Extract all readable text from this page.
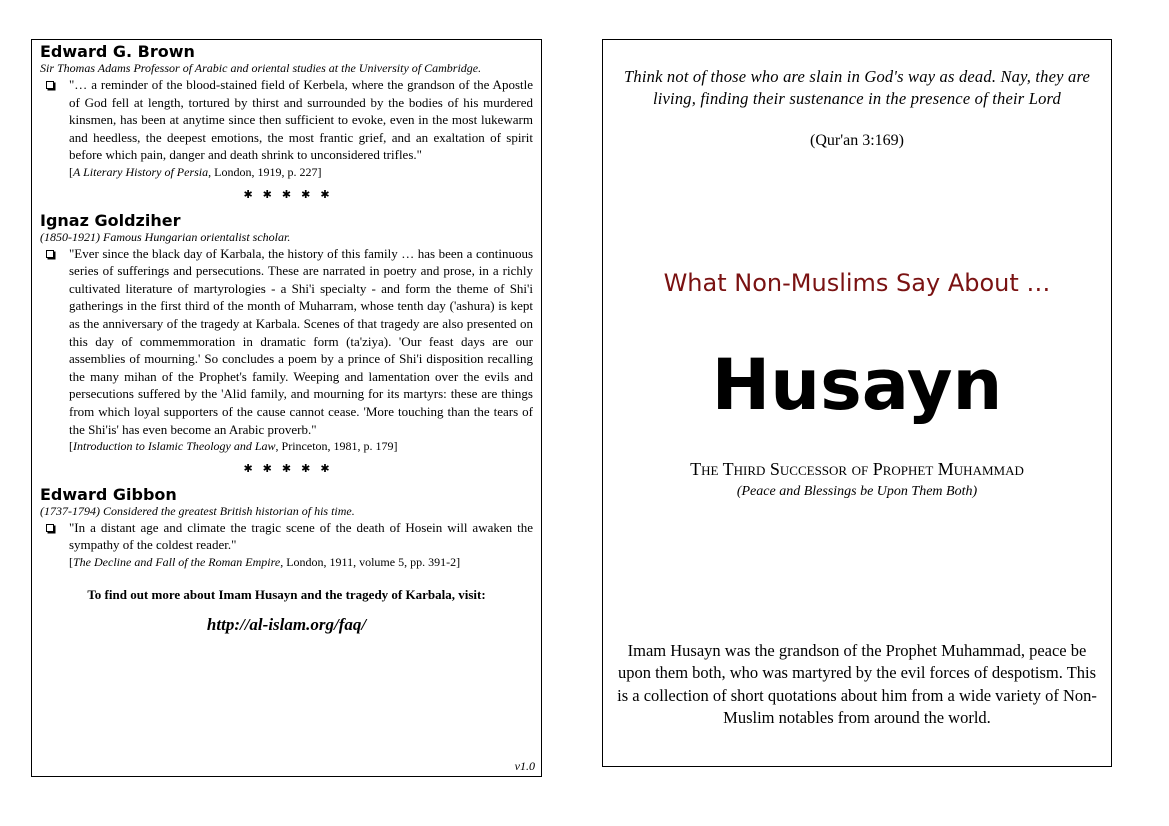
Edward G. Brown

Sir Thomas Adams Professor of Arabic and oriental studies at the University of Cambridge.

"… a reminder of the blood-stained field of Kerbela, where the grandson of the Apostle of God fell at length, tortured by thirst and surrounded by the bodies of his murdered kinsmen, has been at anytime since then sufficient to evoke, even in the most lukewarm and heedless, the deepest emotions, the most frantic grief, and an exaltation of spirit before which pain, danger and death shrink to unconsidered trifles."

[A Literary History of Persia, London, 1919, p. 227]

✱✱✱✱✱

Ignaz Goldziher

(1850-1921) Famous Hungarian orientalist scholar.

"Ever since the black day of Karbala, the history of this family … has been a continuous series of sufferings and persecutions. These are narrated in poetry and prose, in a richly cultivated literature of martyrologies - a Shi'i specialty - and form the theme of Shi'i gatherings in the first third of the month of Muharram, whose tenth day ('ashura) is kept as the anniversary of the tragedy at Karbala. Scenes of that tragedy are also presented on this day of commemmoration in dramatic form (ta'ziya). 'Our feast days are our assemblies of mourning.' So concludes a poem by a prince of Shi'i disposition recalling the many mihan of the Prophet's family. Weeping and lamentation over the evils and persecutions suffered by the 'Alid family, and mourning for its martyrs: these are things from which loyal supporters of the cause cannot cease. 'More touching than the tears of the Shi'is' has even become an Arabic proverb."

[Introduction to Islamic Theology and Law, Princeton, 1981, p. 179]

✱✱✱✱✱

Edward Gibbon

(1737-1794) Considered the greatest British historian of his time.

"In a distant age and climate the tragic scene of the death of Hosein will awaken the sympathy of the coldest reader."

[The Decline and Fall of the Roman Empire, London, 1911, volume 5, pp. 391-2]

To find out more about Imam Husayn and the tragedy of Karbala, visit:
http://al-islam.org/faq/
v1.0
Think not of those who are slain in God's way as dead. Nay, they are living, finding their sustenance in the presence of their Lord
(Qur'an 3:169)
What Non-Muslims Say About …
Husayn
The Third Successor of Prophet Muhammad
(Peace and Blessings be Upon Them Both)
Imam Husayn was the grandson of the Prophet Muhammad, peace be upon them both, who was martyred by the evil forces of despotism. This is a collection of short quotations about him from a wide variety of Non-Muslim notables from around the world.
